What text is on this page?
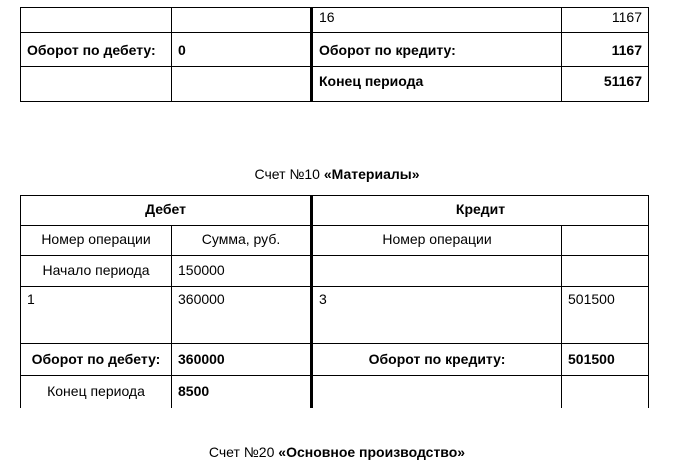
		16	1167
Оборот по дебету:	0	Оборот по кредиту:	1167
		Конец периода	51167
Счет №10 «Материалы»
Дебет		Кредит	
Номер операции	Сумма, руб.	Номер операции	
Начало периода	150000		
1	360000	3	501500
Оборот по дебету:	360000	Оборот по кредиту:	501500
Конец периода	8500		
Счет №20 «Основное производство»
